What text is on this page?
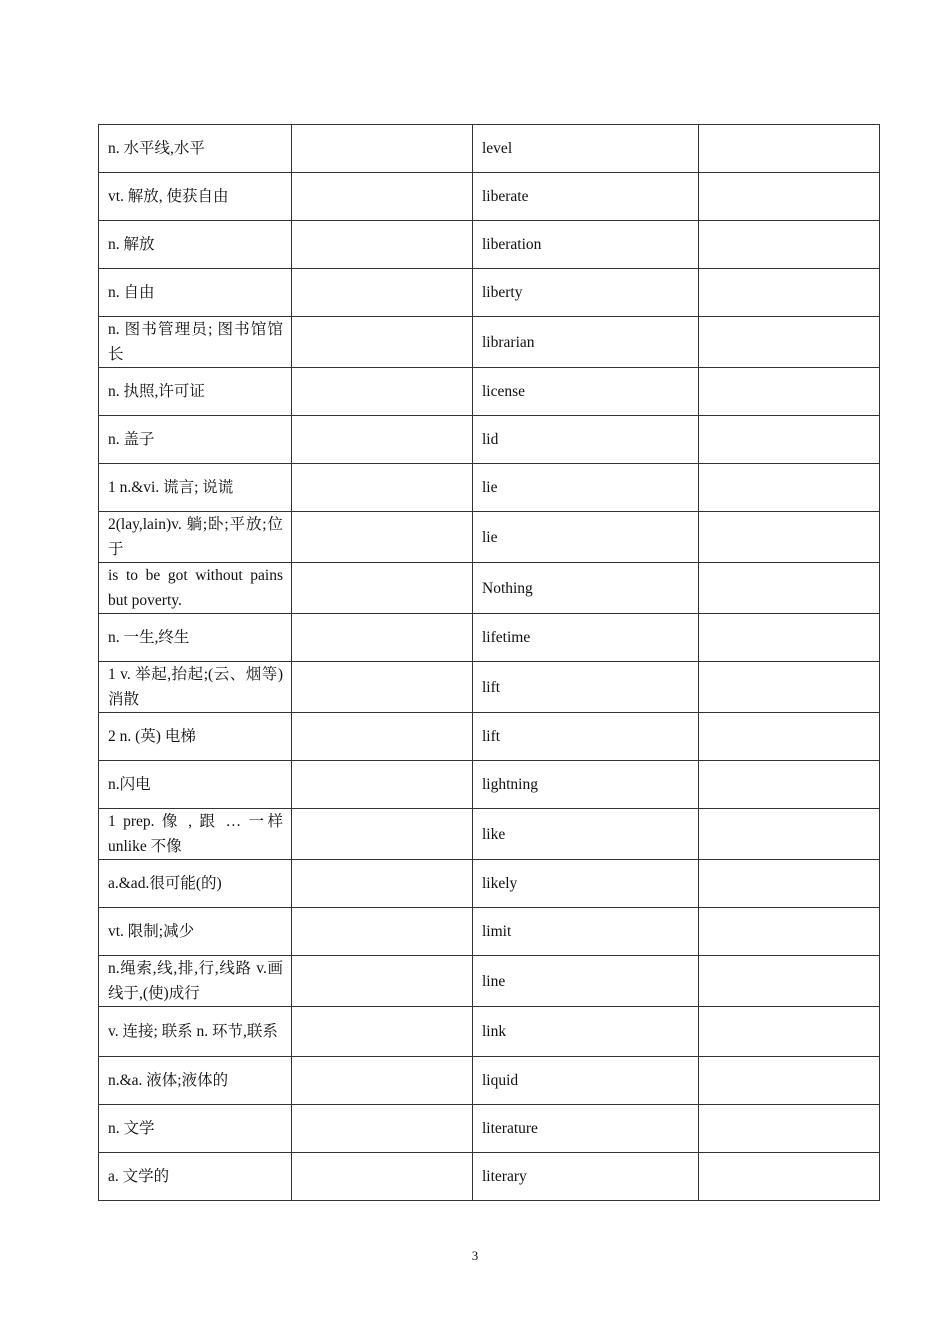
n. 水平线,水平		level	
vt. 解放, 使获自由		liberate	
n. 解放		liberation	
n. 自由		liberty	
n. 图书管理员; 图书馆馆长		librarian	
n. 执照,许可证		license	
n. 盖子		lid	
1 n.&vi. 谎言; 说谎		lie	
2(lay,lain)v. 躺;卧;平放;位于		lie	
is to be got without pains but poverty.		Nothing	
n. 一生,终生		lifetime	
1 v. 举起,抬起;(云、烟等)消散		lift	
2 n. (英) 电梯		lift	
n.闪电		lightning	
1 prep. 像 , 跟 … 一样 unlike 不像		like	
a.&ad.很可能(的)		likely	
vt. 限制;减少		limit	
n.绳索,线,排,行,线路 v.画线于,(使)成行		line	
v. 连接; 联系 n. 环节,联系		link	
n.&a. 液体;液体的		liquid	
n. 文学		literature	
a. 文学的		literary	
3
